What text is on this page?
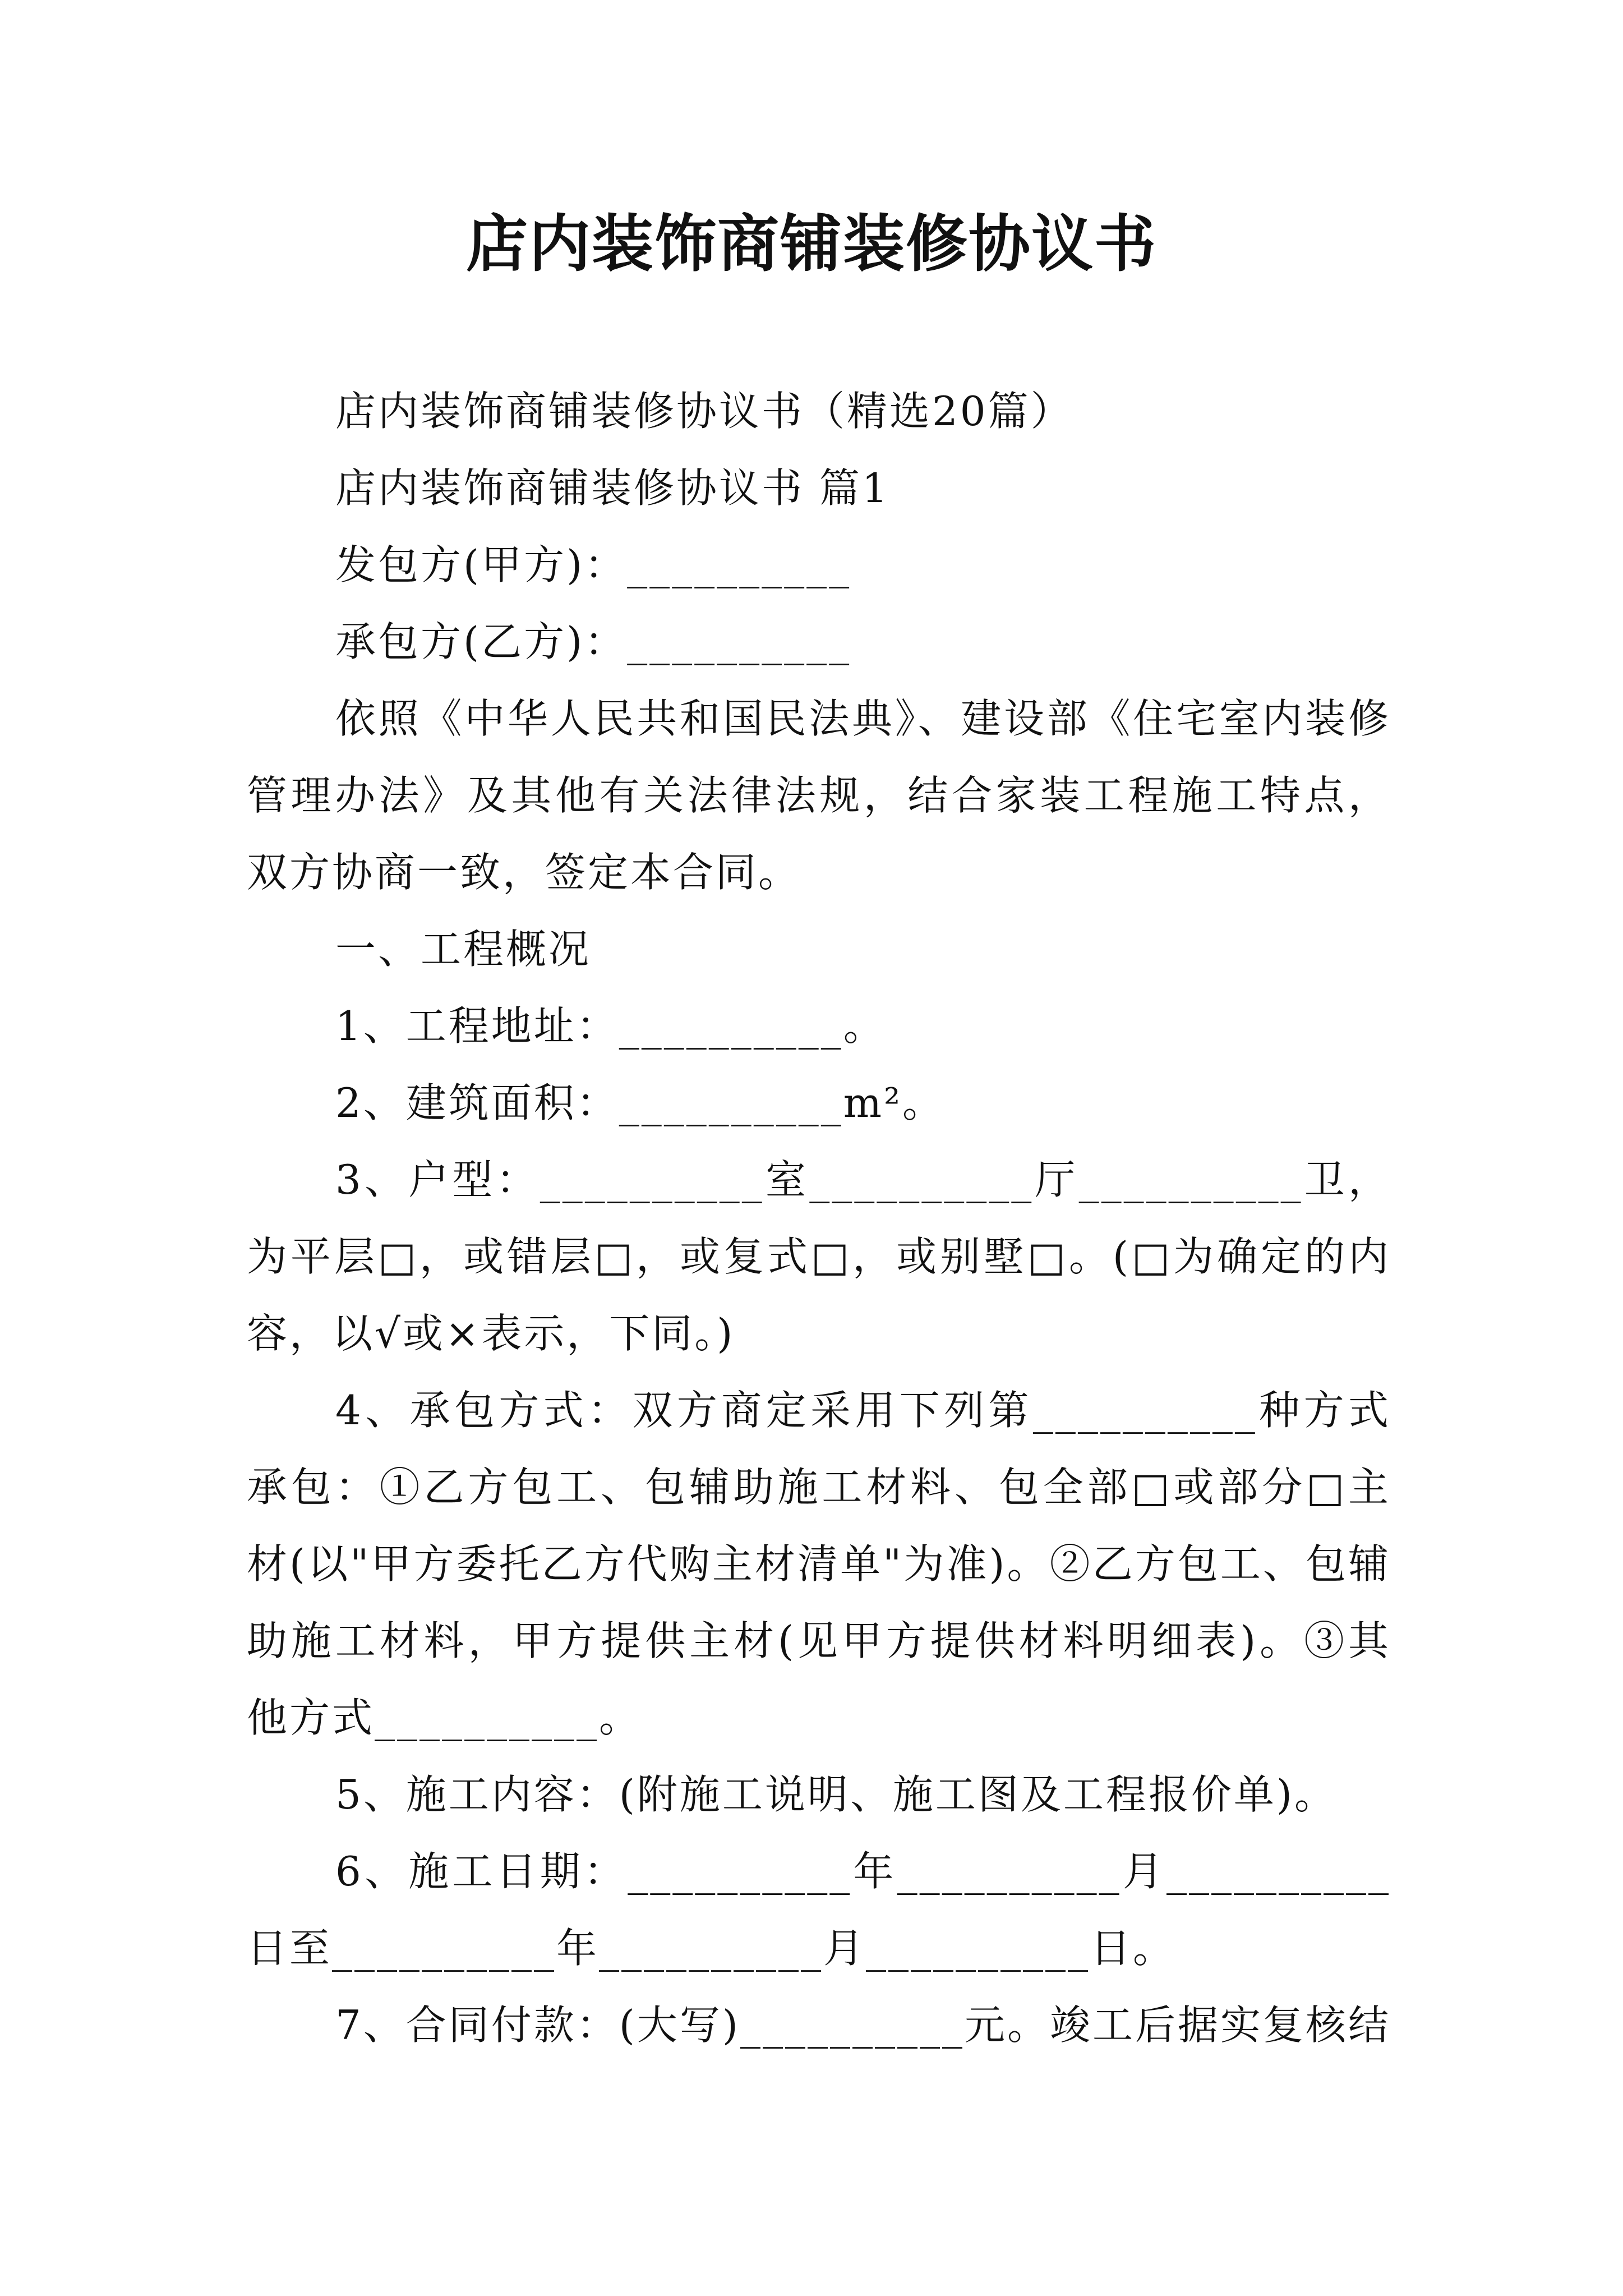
店内装饰商铺装修协议书

店内装饰商铺装修协议书（精选20篇）

店内装饰商铺装修协议书 篇1

发包方(甲方)：__________

承包方(乙方)：__________

依照《中华人民共和国民法典》、建设部《住宅室内装修管理办法》及其他有关法律法规，结合家装工程施工特点，双方协商一致，签定本合同。

一、工程概况

1、工程地址：__________。

2、建筑面积：__________m²。

3、户型：__________室__________厅__________卫，为平层□，或错层□，或复式□，或别墅□。(□为确定的内容，以√或×表示，下同。)

4、承包方式：双方商定采用下列第__________种方式承包：①乙方包工、包辅助施工材料、包全部□或部分□主材(以"甲方委托乙方代购主材清单"为准)。②乙方包工、包辅助施工材料，甲方提供主材(见甲方提供材料明细表)。③其他方式__________。

5、施工内容：(附施工说明、施工图及工程报价单)。

6、施工日期：__________年__________月__________日至__________年__________月__________日。

7、合同付款：(大写)__________元。竣工后据实复核结
